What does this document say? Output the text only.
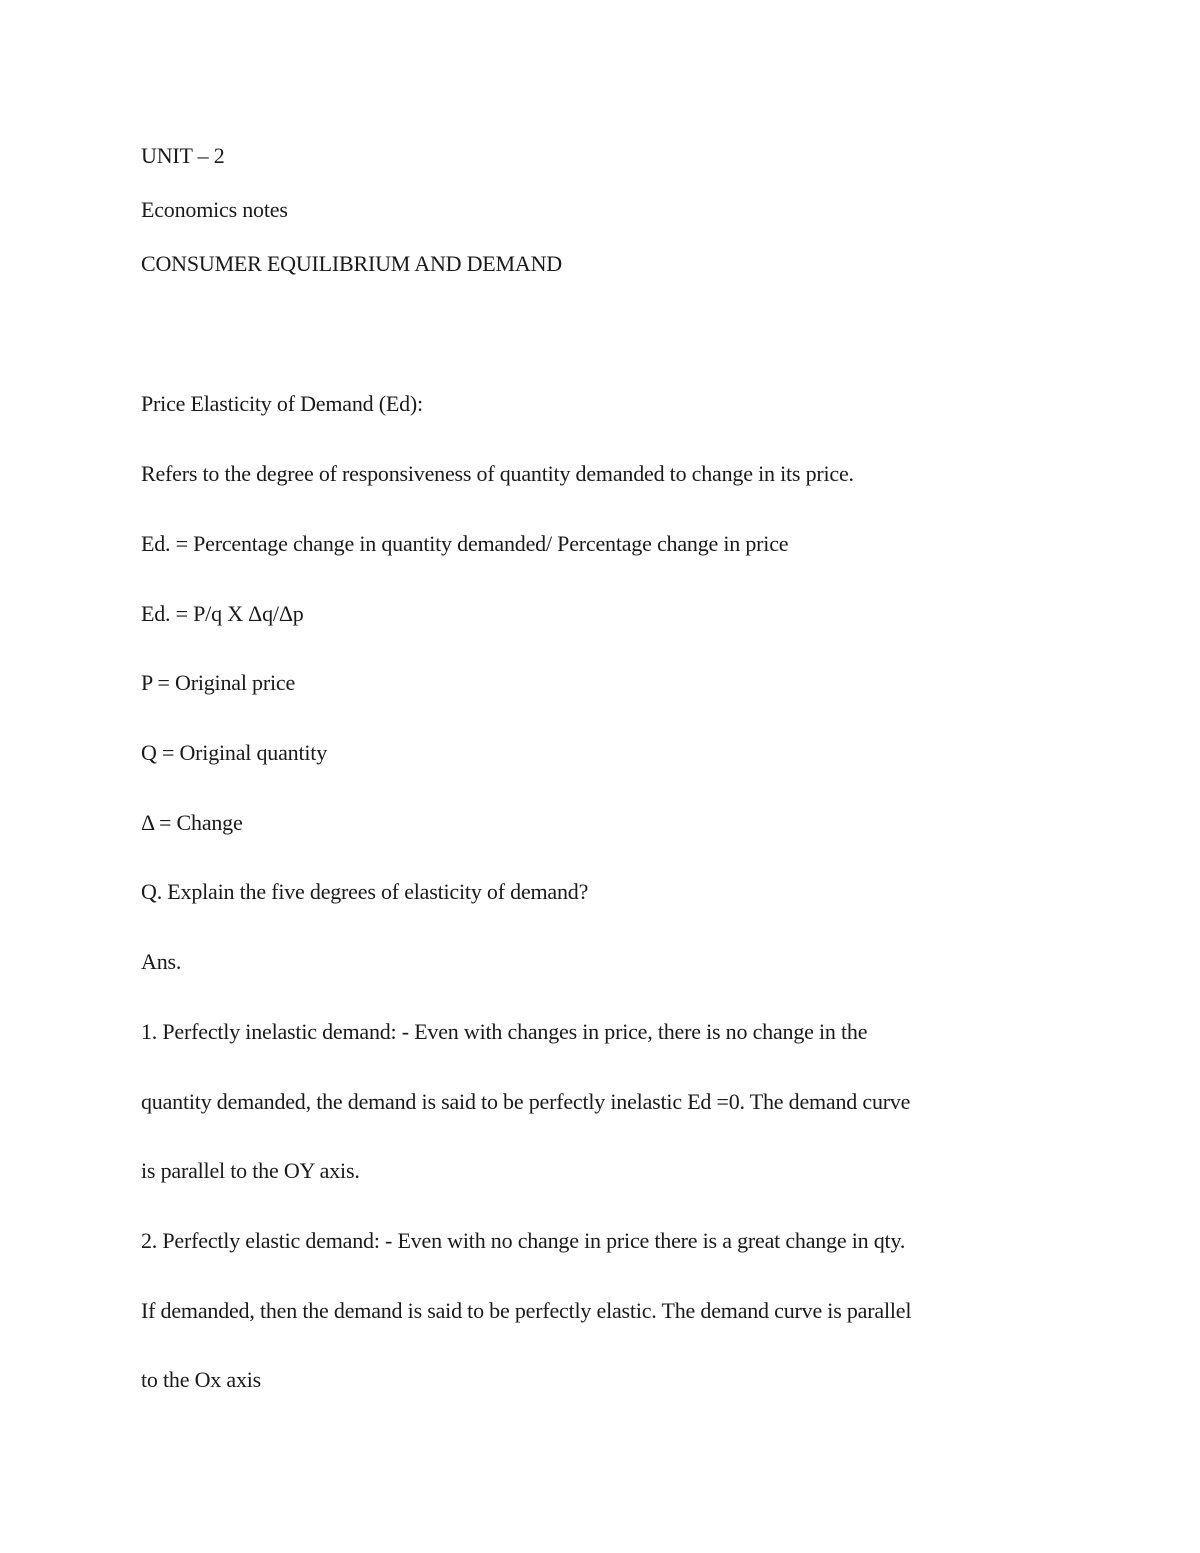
UNIT – 2

Economics notes

CONSUMER EQUILIBRIUM AND DEMAND

Price Elasticity of Demand (Ed):

Refers to the degree of responsiveness of quantity demanded to change in its price.

Ed. = Percentage change in quantity demanded/ Percentage change in price

Ed. = P/q X Δq/Δp

P = Original price

Q = Original quantity

Δ = Change

Q. Explain the five degrees of elasticity of demand?

Ans.

1. Perfectly inelastic demand: - Even with changes in price, there is no change in the

quantity demanded, the demand is said to be perfectly inelastic Ed =0. The demand curve

is parallel to the OY axis.

2. Perfectly elastic demand: - Even with no change in price there is a great change in qty.

If demanded, then the demand is said to be perfectly elastic. The demand curve is parallel

to the Ox axis
